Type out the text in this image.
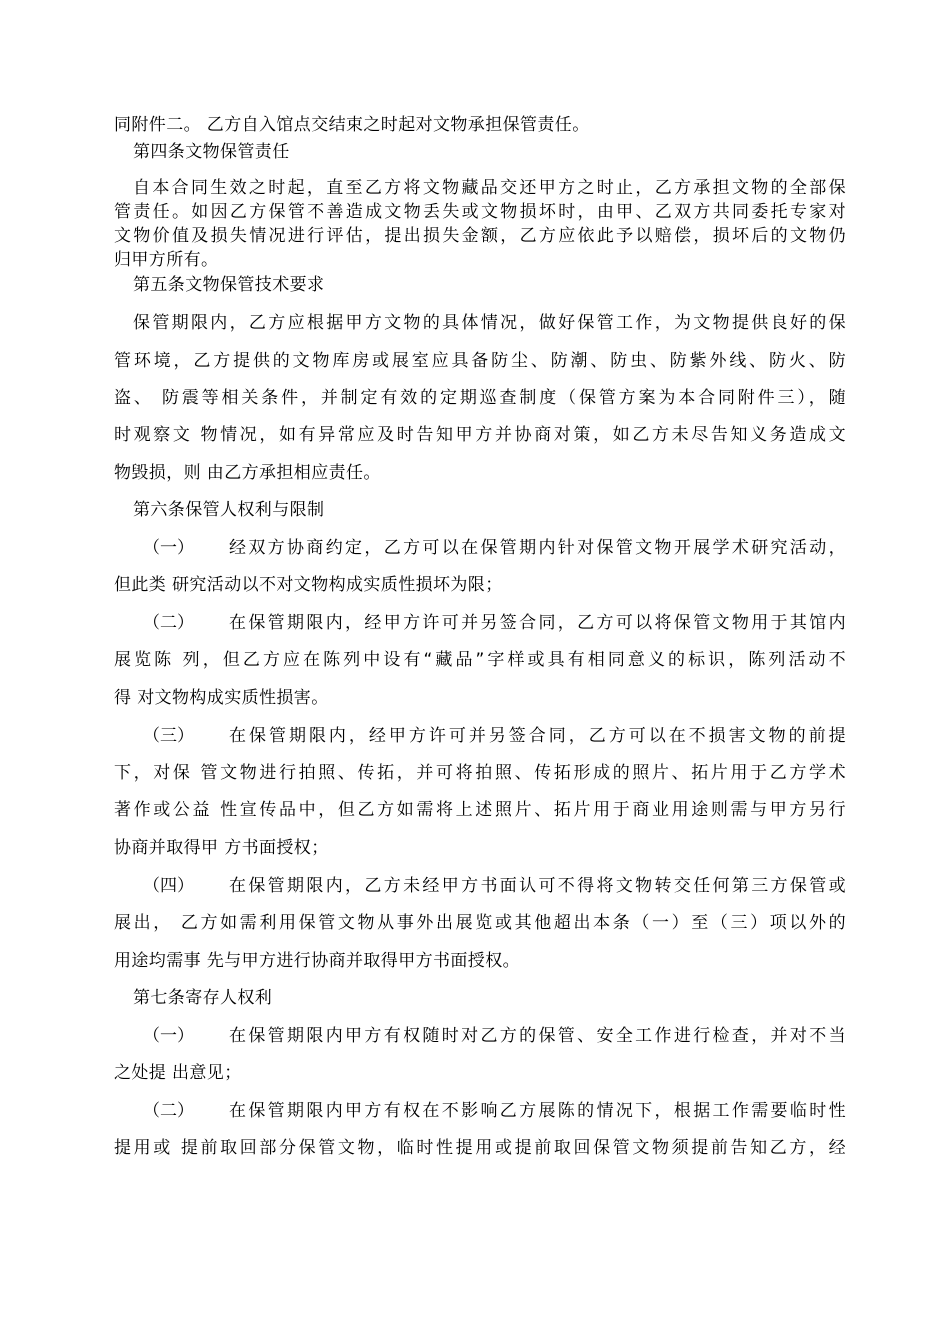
同附件二。 乙方自入馆点交结束之时起对文物承担保管责任。
第四条文物保管责任
自本合同生效之时起，直至乙方将文物藏品交还甲方之时止，乙方承担文物的全部保
管责任。如因乙方保管不善造成文物丢失或文物损坏时，由甲、乙双方共同委托专家对
文物价值及损失情况进行评估，提出损失金额，乙方应依此予以赔偿，损坏后的文物仍
归甲方所有。
第五条文物保管技术要求
保管期限内，乙方应根据甲方文物的具体情况，做好保管工作，为文物提供良好的保
管环境，乙方提供的文物库房或展室应具备防尘、防潮、防虫、防紫外线、防火、防
盗、 防震等相关条件，并制定有效的定期巡查制度（保管方案为本合同附件三），随
时观察文 物情况，如有异常应及时告知甲方并协商对策，如乙方未尽告知义务造成文
物毁损，则 由乙方承担相应责任。
第六条保管人权利与限制
（一） 经双方协商约定，乙方可以在保管期内针对保管文物开展学术研究活动，
但此类 研究活动以不对文物构成实质性损坏为限；
（二） 在保管期限内，经甲方许可并另签合同，乙方可以将保管文物用于其馆内
展览陈 列，但乙方应在陈列中设有“藏品”字样或具有相同意义的标识，陈列活动不
得 对文物构成实质性损害。
（三） 在保管期限内，经甲方许可并另签合同，乙方可以在不损害文物的前提
下，对保 管文物进行拍照、传拓，并可将拍照、传拓形成的照片、拓片用于乙方学术
著作或公益 性宣传品中，但乙方如需将上述照片、拓片用于商业用途则需与甲方另行
协商并取得甲 方书面授权；
（四） 在保管期限内，乙方未经甲方书面认可不得将文物转交任何第三方保管或
展出， 乙方如需利用保管文物从事外出展览或其他超出本条（一）至（三）项以外的
用途均需事 先与甲方进行协商并取得甲方书面授权。
第七条寄存人权利
（一） 在保管期限内甲方有权随时对乙方的保管、安全工作进行检查，并对不当
之处提 出意见；
（二） 在保管期限内甲方有权在不影响乙方展陈的情况下，根据工作需要临时性
提用或 提前取回部分保管文物，临时性提用或提前取回保管文物须提前告知乙方，经
